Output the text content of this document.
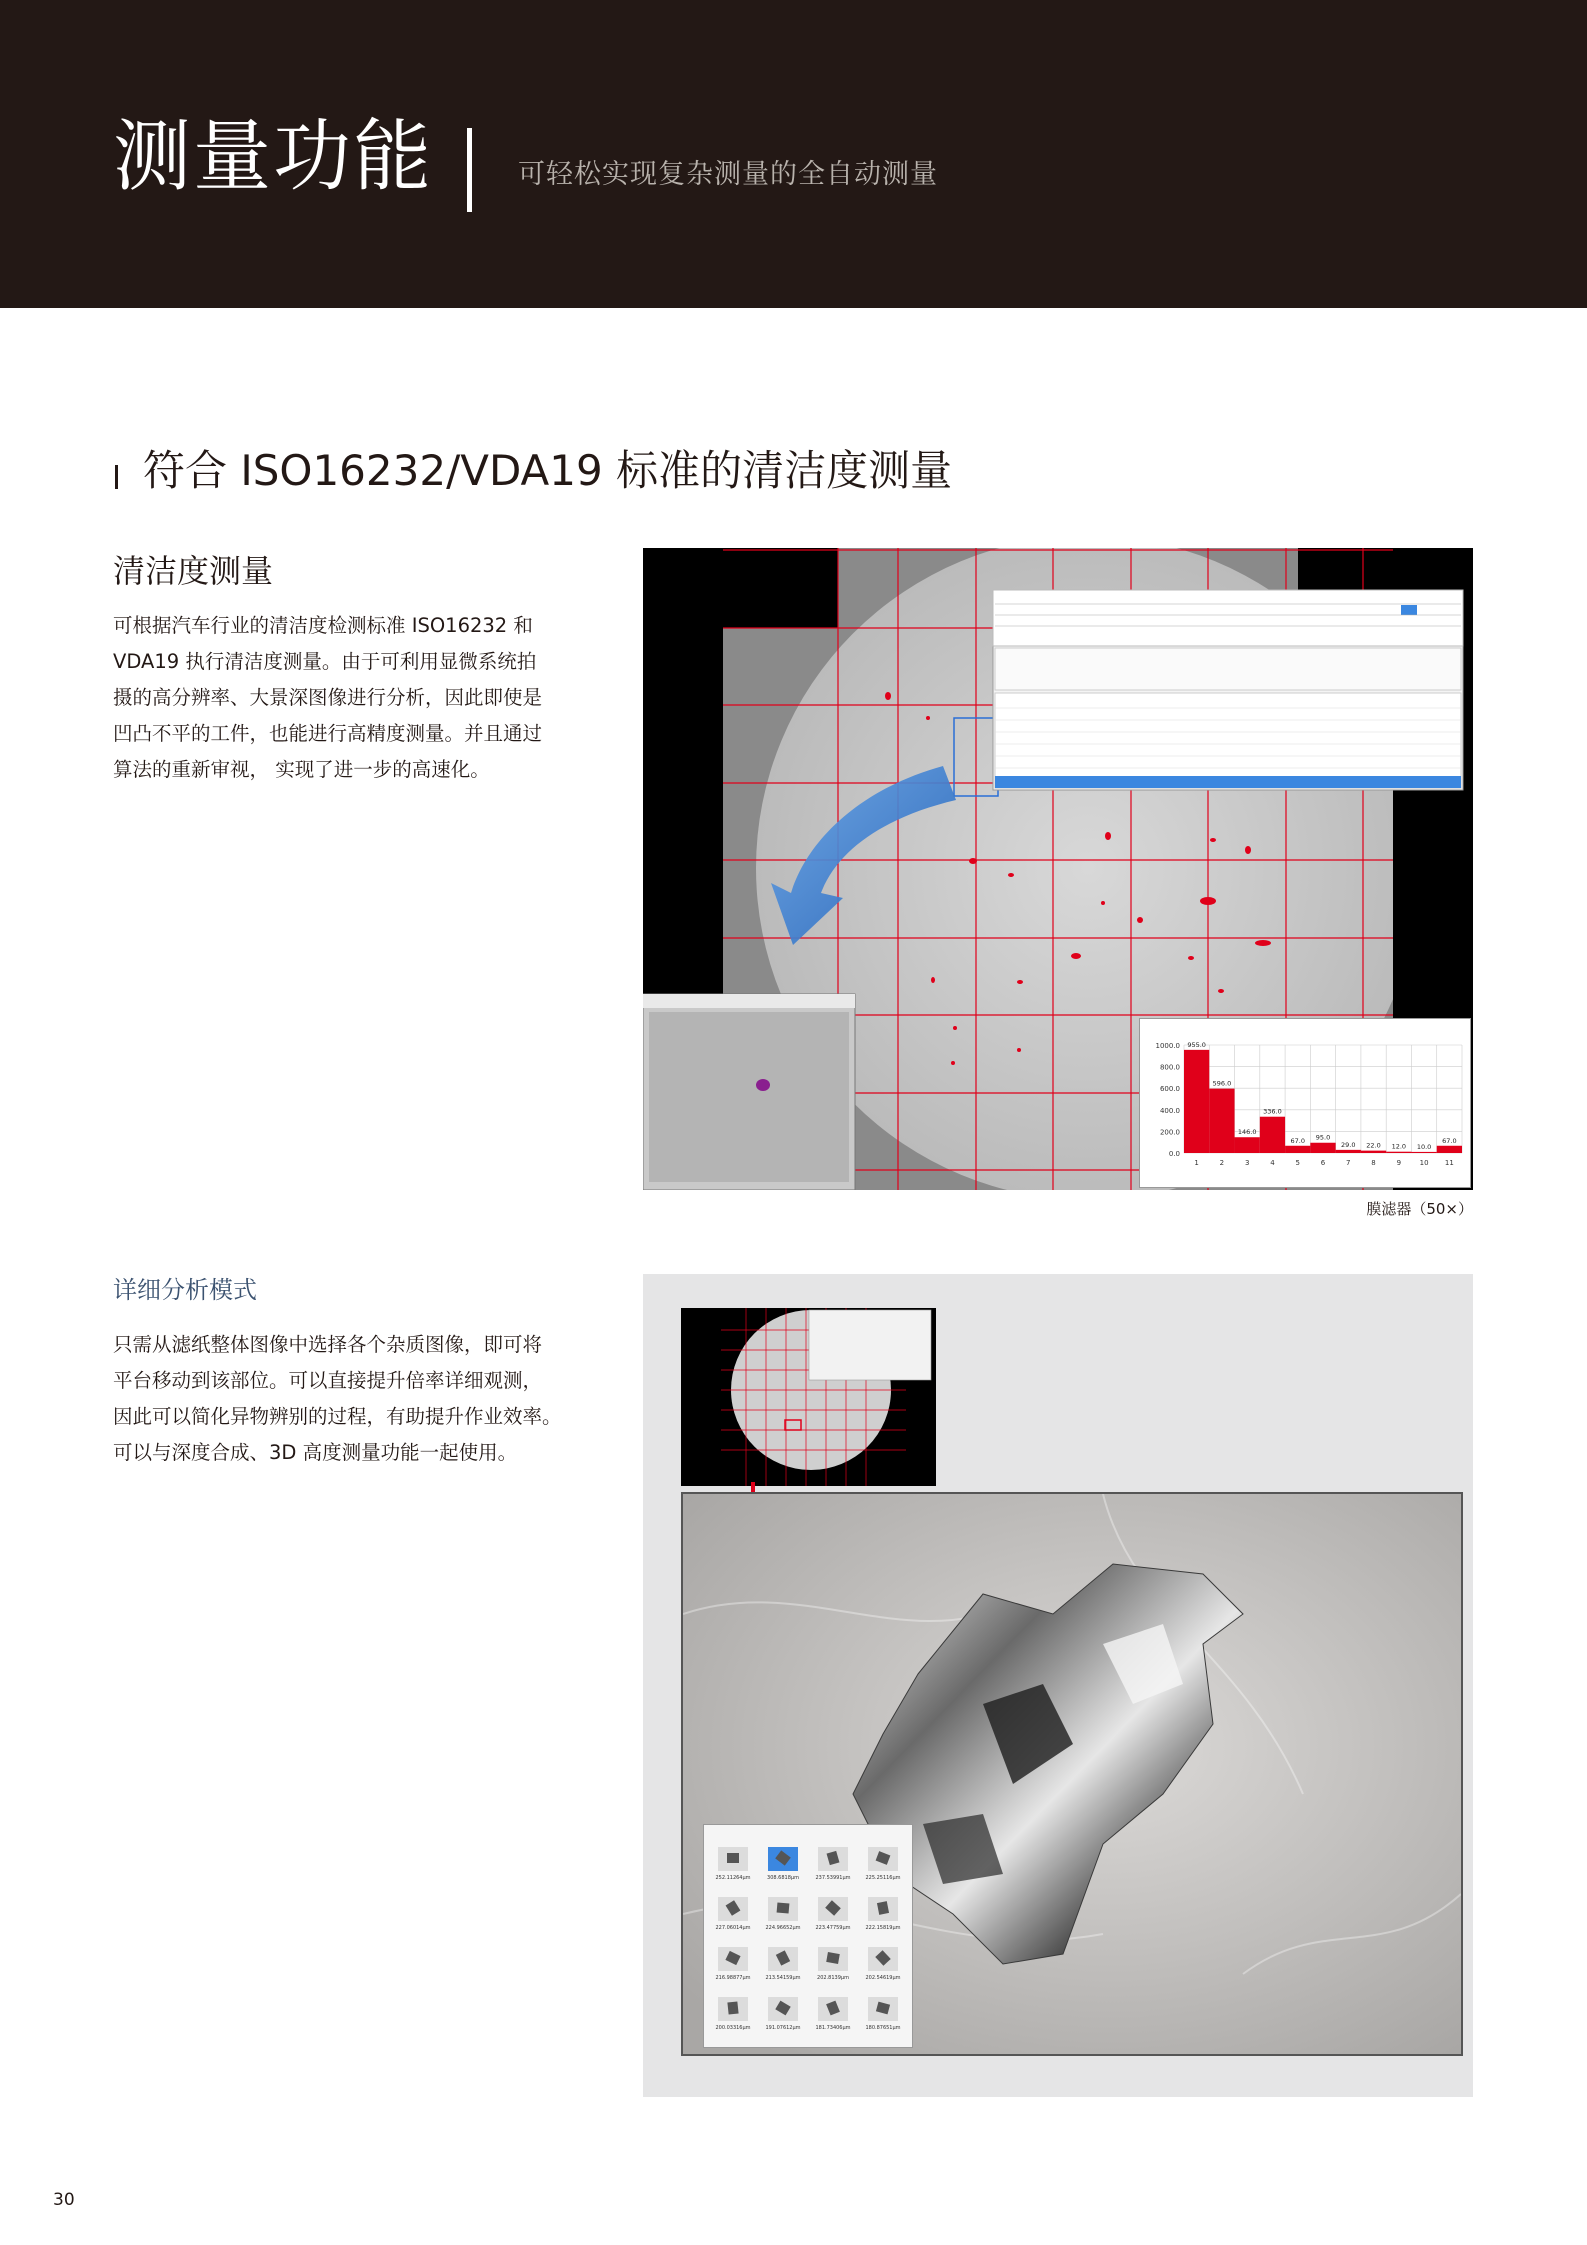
测量功能	可轻松实现复杂测量的全自动测量
符合 ISO16232/VDA19 标准的清洁度测量
清洁度测量
可根据汽车行业的清洁度检测标准 ISO16232 和
VDA19 执行清洁度测量。由于可利用显微系统拍
摄的高分辨率、大景深图像进行分析，因此即使是
凹凸不平的工件，也能进行高精度测量。并且通过
算法的重新审视， 实现了进一步的高速化。
1000.0
800.0
600.0
400.0
200.0
0.0
955.0
1
596.0
2
146.0
3
336.0
4
67.0
5
95.0
6
29.0
7
22.0
8
12.0
9
10.0
10
67.0
11
膜滤器（50×）
详细分析模式
只需从滤纸整体图像中选择各个杂质图像，即可将
平台移动到该部位。可以直接提升倍率详细观测，
因此可以简化异物辨别的过程，有助提升作业效率。
可以与深度合成、3D 高度测量功能一起使用。
252.11264μm	308.6818μm	237.53991μm	225.25116μm
227.06014μm	224.96652μm	223.47759μm	222.15819μm
216.98877μm	213.54159μm	202.8139μm	202.54619μm
200.03316μm	191.07612μm	181.73406μm	180.87651μm
30
